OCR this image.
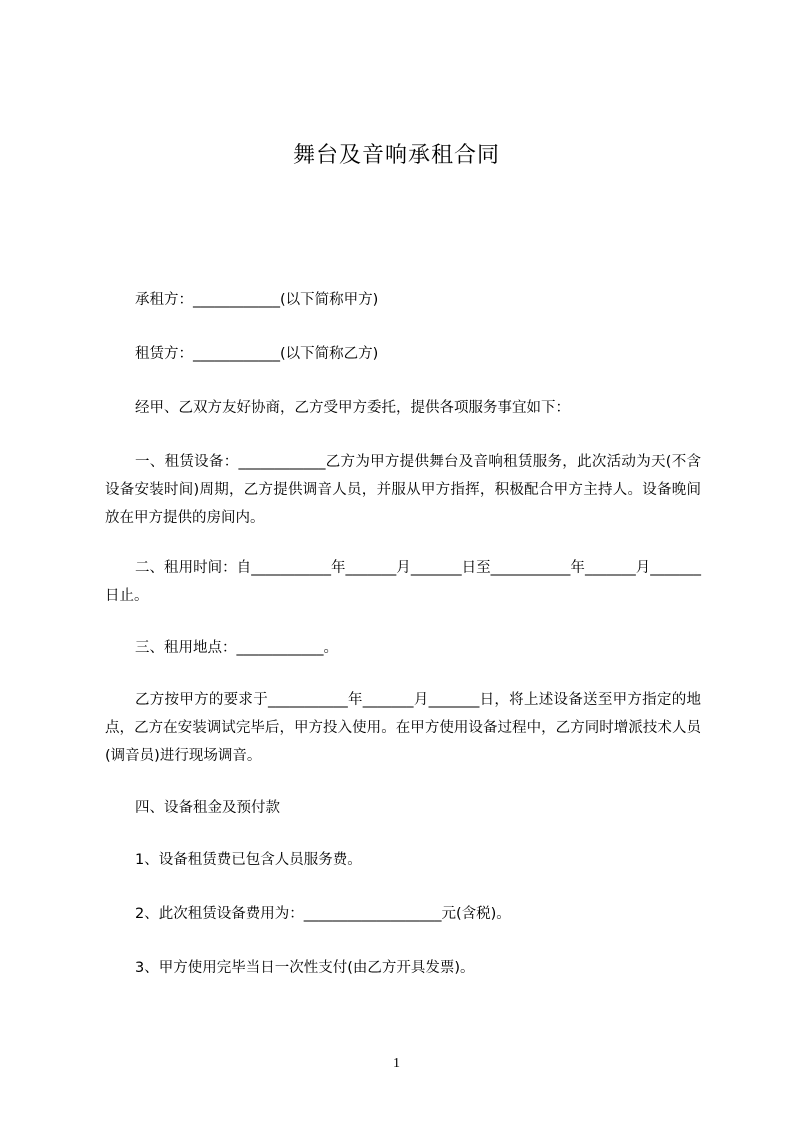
舞台及音响承租合同
承租方：____________(以下简称甲方)
租赁方：____________(以下简称乙方)
经甲、乙双方友好协商，乙方受甲方委托，提供各项服务事宜如下：
一、租赁设备：____________乙方为甲方提供舞台及音响租赁服务，此次活动为天(不含设备安装时间)周期，乙方提供调音人员，并服从甲方指挥，积极配合甲方主持人。设备晚间放在甲方提供的房间内。
二、租用时间：自___________年_______月_______日至___________年_______月_______日止。
三、租用地点：____________。
乙方按甲方的要求于___________年_______月_______日，将上述设备送至甲方指定的地点，乙方在安装调试完毕后，甲方投入使用。在甲方使用设备过程中，乙方同时增派技术人员(调音员)进行现场调音。
四、设备租金及预付款
1、设备租赁费已包含人员服务费。
2、此次租赁设备费用为：___________________元(含税)。
3、甲方使用完毕当日一次性支付(由乙方开具发票)。
1
